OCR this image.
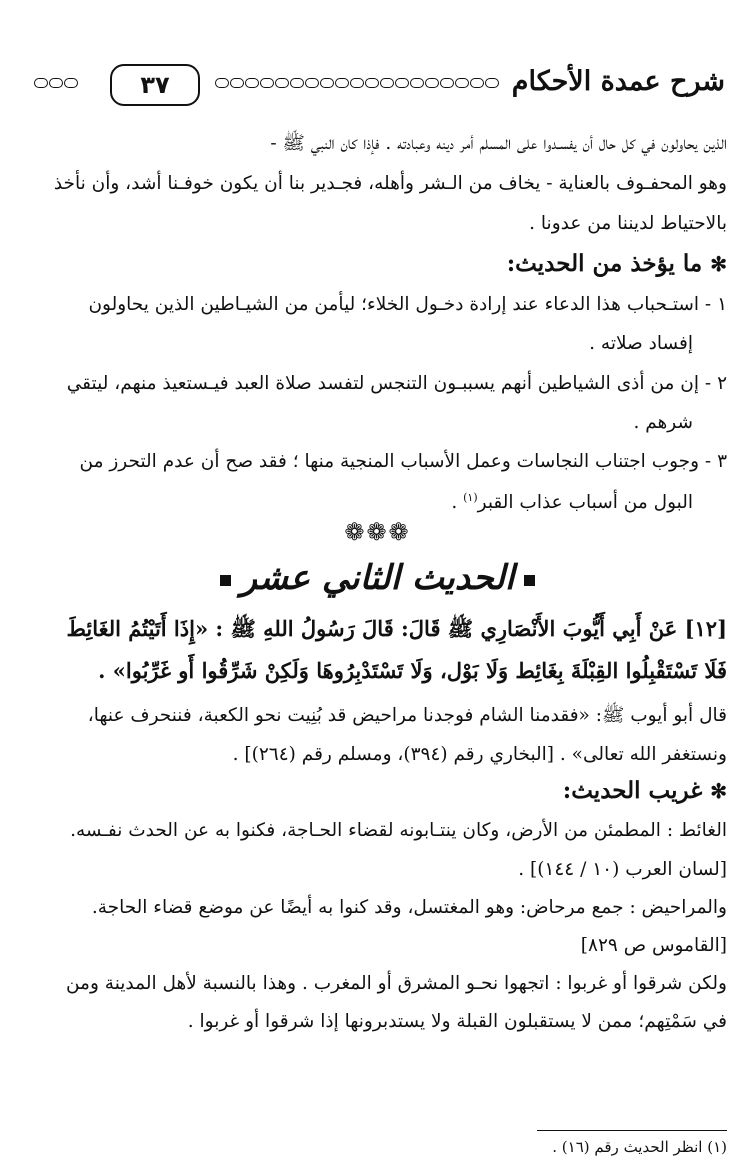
٣٧	شرح عمدة الأحكام
الذين يحاولون في كل حال أن يفسـدوا على المسلم أمر دينه وعبادته . فإذا كان النبي ﷺ -
وهو المحفـوف بالعناية - يخاف من الـشر وأهله، فجـدير بنا أن يكون خوفـنا أشد، وأن نأخذ
بالاحتياط لديننا من عدونا .
✻ما يؤخذ من الحديث:
١ - استـحباب هذا الدعاء عند إرادة دخـول الخلاء؛ ليأمن من الشيـاطين الذين يحاولون
إفساد صلاته .
٢ - إن من أذى الشياطين أنهم يسببـون التنجس لتفسد صلاة العبد فيـستعيذ منهم، ليتقي
شرهم .
٣ - وجوب اجتناب النجاسات وعمل الأسباب المنجية منها ؛ فقد صح أن عدم التحرز من
البول من أسباب عذاب القبر$^{(١)}$ .
❁❁❁
الحديث الثاني عشر
[١٢] عَنْ أَبِي أَيُّوبَ الأَنْصَارِي ﷺ قَالَ: قَالَ رَسُولُ اللهِ ﷺ : «إِذَا أَتَيْتُمُ الغَائِطَ
فَلَا تَسْتَقْبِلُوا القِبْلَةَ بِغَائِط وَلَا بَوْل، وَلَا تَسْتَدْبِرُوهَا وَلَكِنْ شَرِّقُوا أَو غَرِّبُوا» .
قال أبو أيوب ﷺ: «فقدمنا الشام فوجدنا مراحيض قد بُنِيت نحو الكعبة، فننحرف عنها،
ونستغفر الله تعالى» . [البخاري رقم (٣٩٤)، ومسلم رقم (٢٦٤)] .
✻غريب الحديث:
الغائط : المطمئن من الأرض، وكان ينتـابونه لقضاء الحـاجة، فكنوا به عن الحدث نفـسه.
[لسان العرب (١٠ / ١٤٤)] .
والمراحيض : جمع مرحاض: وهو المغتسل، وقد كنوا به أيضًا عن موضع قضاء الحاجة.
[القاموس ص ٨٢٩]
ولكن شرقوا أو غربوا : اتجهوا نحـو المشرق أو المغرب . وهذا بالنسبة لأهل المدينة ومن
في سَمْتِهم؛ ممن لا يستقبلون القبلة ولا يستدبرونها إذا شرقوا أو غربوا .
(١) انظر الحديث رقم (١٦) .
